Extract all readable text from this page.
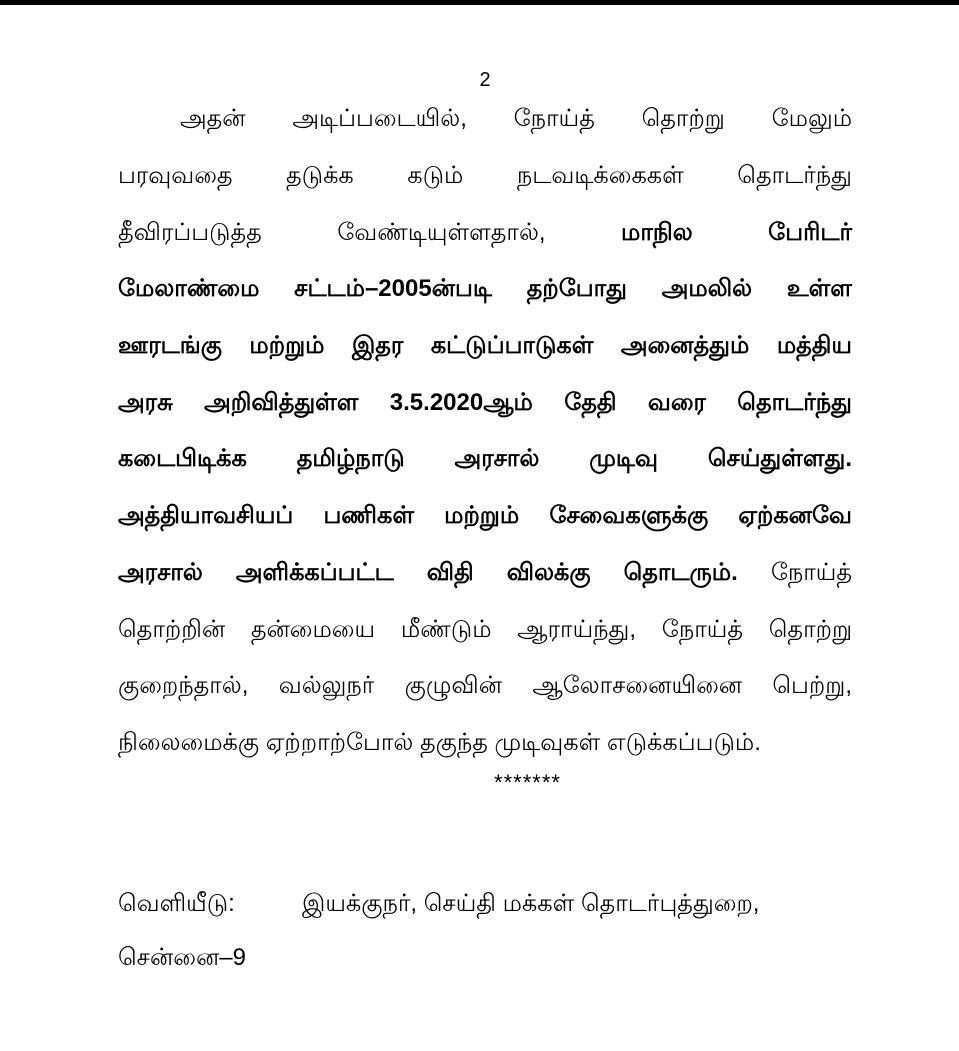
2
அதன் அடிப்படையில், நோய்த் தொற்று மேலும்
பரவுவதை தடுக்க கடும் நடவடிக்கைகள் தொடர்ந்து
தீவிரப்படுத்த	வேண்டியுள்ளதால்,	மாநில	பேரிடர்
மேலாண்மை சட்டம்–2005ன்படி தற்போது அமலில் உள்ள
ஊரடங்கு மற்றும் இதர கட்டுப்பாடுகள் அனைத்தும் மத்திய
அரசு அறிவித்துள்ள 3.5.2020ஆம் தேதி வரை தொடர்ந்து
கடைபிடிக்க தமிழ்நாடு அரசால் முடிவு செய்துள்ளது.
அத்தியாவசியப் பணிகள் மற்றும் சேவைகளுக்கு ஏற்கனவே
அரசால் அளிக்கப்பட்ட விதி விலக்கு தொடரும். நோய்த்
தொற்றின் தன்மையை மீண்டும் ஆராய்ந்து, நோய்த் தொற்று
குறைந்தால், வல்லுநர் குழுவின் ஆலோசனையினை பெற்று,
நிலைமைக்கு ஏற்றாற்போல் தகுந்த முடிவுகள் எடுக்கப்படும்.
*******
வெளியீடு:	இயக்குநர், செய்தி மக்கள் தொடர்புத்துறை,
சென்னை–9
